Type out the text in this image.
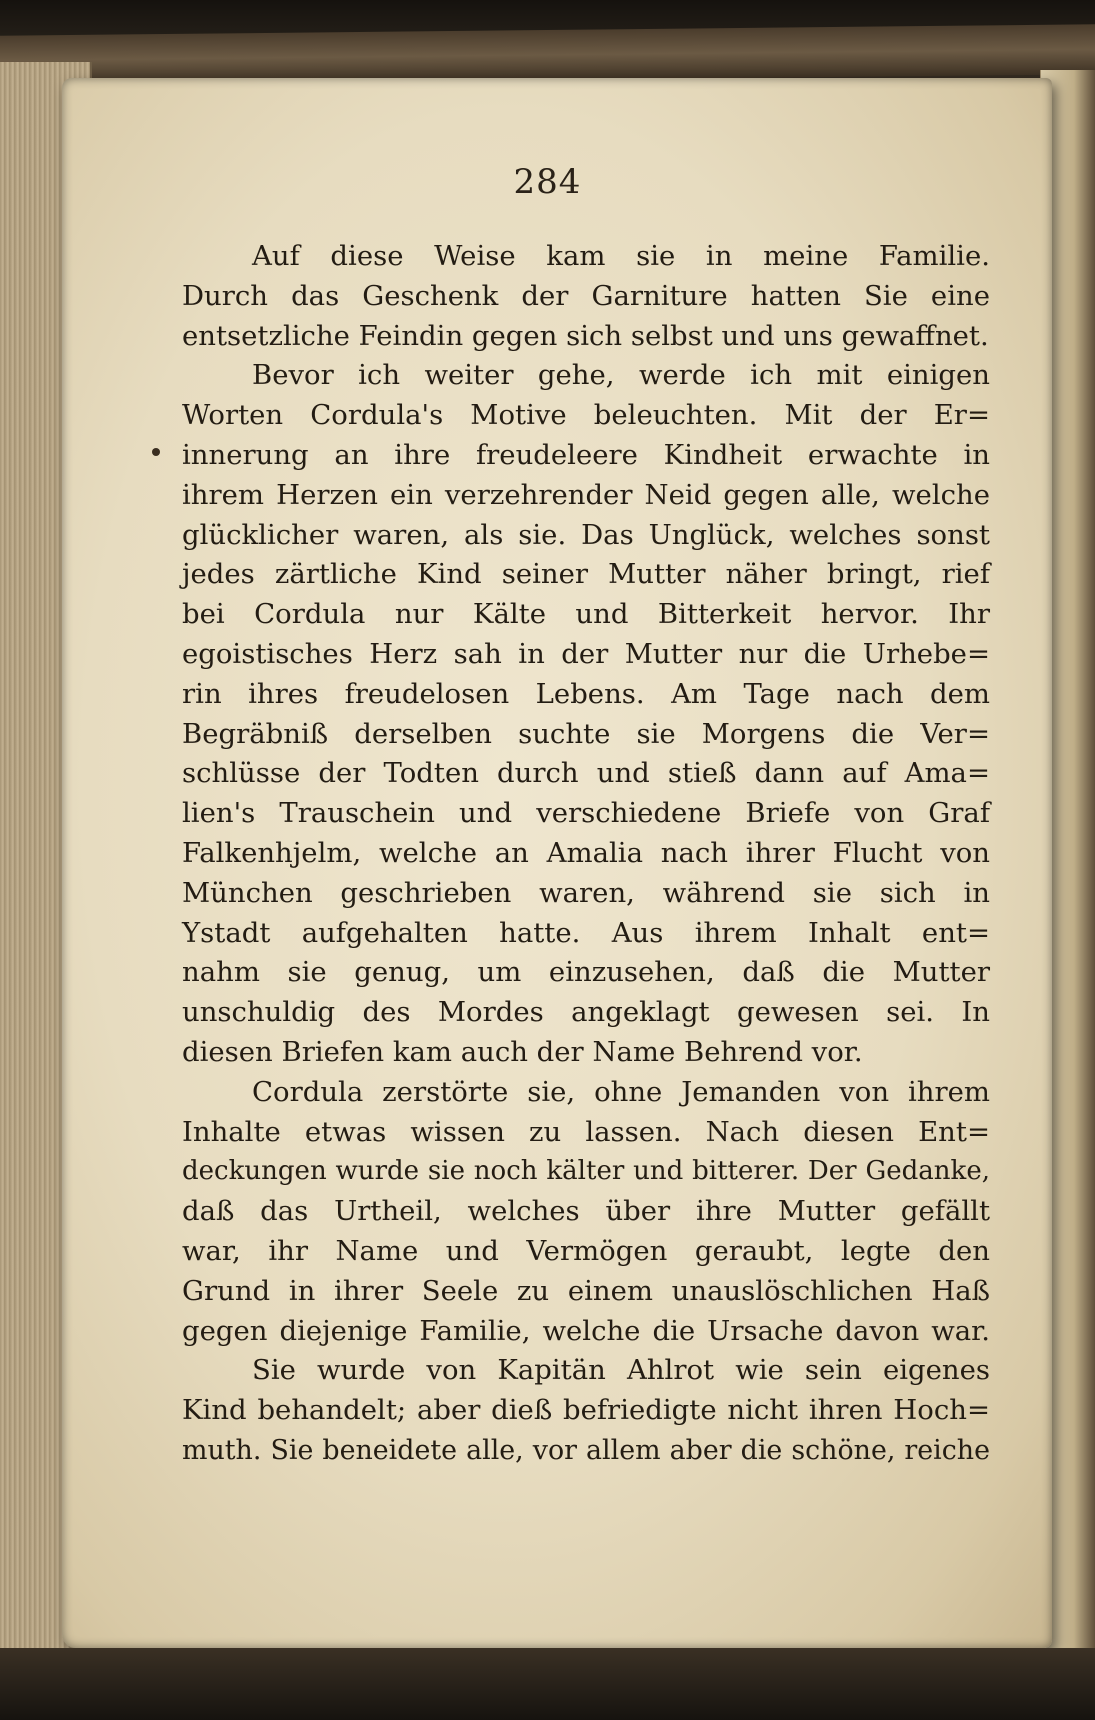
284
Auf diese Weise kam sie in meine Familie.
Durch das Geschenk der Garniture hatten Sie eine
entsetzliche Feindin gegen sich selbst und uns gewaffnet.
Bevor ich weiter gehe, werde ich mit einigen
Worten Cordula's Motive beleuchten. Mit der Er=
innerung an ihre freudeleere Kindheit erwachte in
ihrem Herzen ein verzehrender Neid gegen alle, welche
glücklicher waren, als sie. Das Unglück, welches sonst
jedes zärtliche Kind seiner Mutter näher bringt, rief
bei Cordula nur Kälte und Bitterkeit hervor. Ihr
egoistisches Herz sah in der Mutter nur die Urhebe=
rin ihres freudelosen Lebens. Am Tage nach dem
Begräbniß derselben suchte sie Morgens die Ver=
schlüsse der Todten durch und stieß dann auf Ama=
lien's Trauschein und verschiedene Briefe von Graf
Falkenhjelm, welche an Amalia nach ihrer Flucht von
München geschrieben waren, während sie sich in
Ystadt aufgehalten hatte. Aus ihrem Inhalt ent=
nahm sie genug, um einzusehen, daß die Mutter
unschuldig des Mordes angeklagt gewesen sei. In
diesen Briefen kam auch der Name Behrend vor.
Cordula zerstörte sie, ohne Jemanden von ihrem
Inhalte etwas wissen zu lassen. Nach diesen Ent=
deckungen wurde sie noch kälter und bitterer. Der Gedanke,
daß das Urtheil, welches über ihre Mutter gefällt
war, ihr Name und Vermögen geraubt, legte den
Grund in ihrer Seele zu einem unauslöschlichen Haß
gegen diejenige Familie, welche die Ursache davon war.
Sie wurde von Kapitän Ahlrot wie sein eigenes
Kind behandelt; aber dieß befriedigte nicht ihren Hoch=
muth. Sie beneidete alle, vor allem aber die schöne, reiche
